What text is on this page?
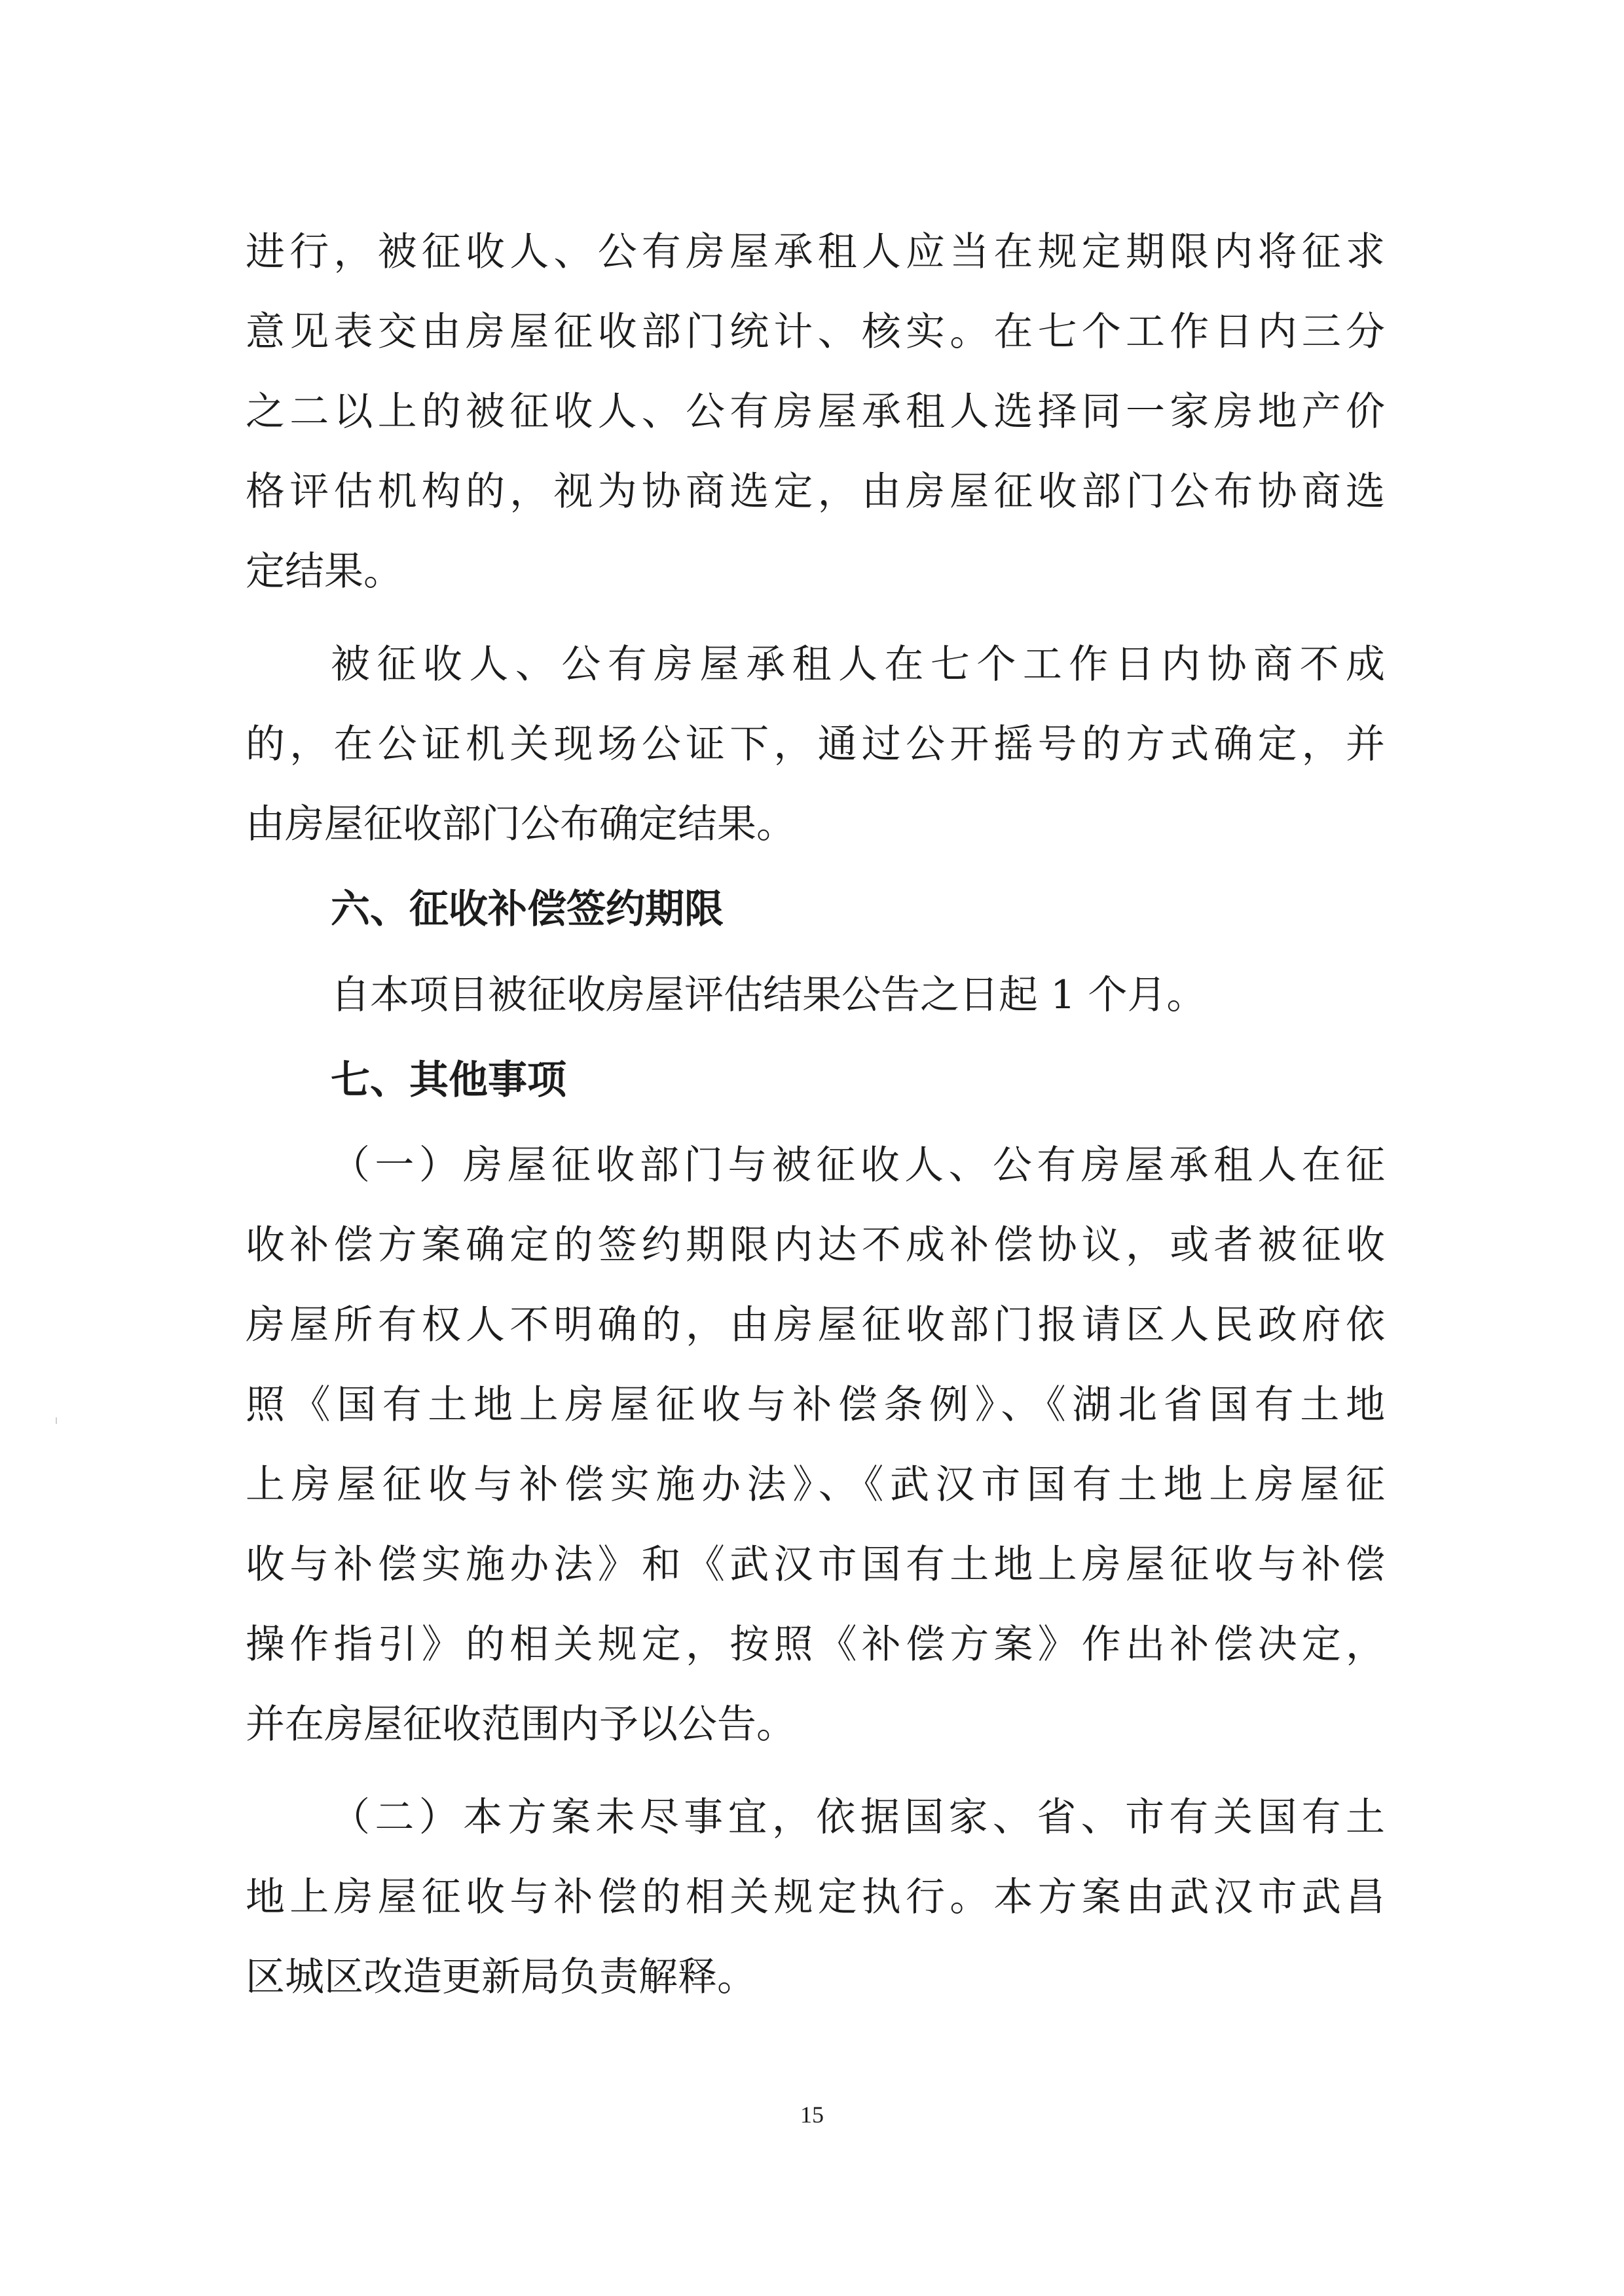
进行，被征收人、公有房屋承租人应当在规定期限内将征求
意见表交由房屋征收部门统计、核实。在七个工作日内三分
之二以上的被征收人、公有房屋承租人选择同一家房地产价
格评估机构的，视为协商选定，由房屋征收部门公布协商选
定结果。
被征收人、公有房屋承租人在七个工作日内协商不成
的，在公证机关现场公证下，通过公开摇号的方式确定，并
由房屋征收部门公布确定结果。
六、征收补偿签约期限
自本项目被征收房屋评估结果公告之日起 1 个月。
七、其他事项
（一）房屋征收部门与被征收人、公有房屋承租人在征
收补偿方案确定的签约期限内达不成补偿协议，或者被征收
房屋所有权人不明确的，由房屋征收部门报请区人民政府依
照《国有土地上房屋征收与补偿条例》、《湖北省国有土地
上房屋征收与补偿实施办法》、《武汉市国有土地上房屋征
收与补偿实施办法》和《武汉市国有土地上房屋征收与补偿
操作指引》的相关规定，按照《补偿方案》作出补偿决定，
并在房屋征收范围内予以公告。
（二）本方案未尽事宜，依据国家、省、市有关国有土
地上房屋征收与补偿的相关规定执行。本方案由武汉市武昌
区城区改造更新局负责解释。
15
